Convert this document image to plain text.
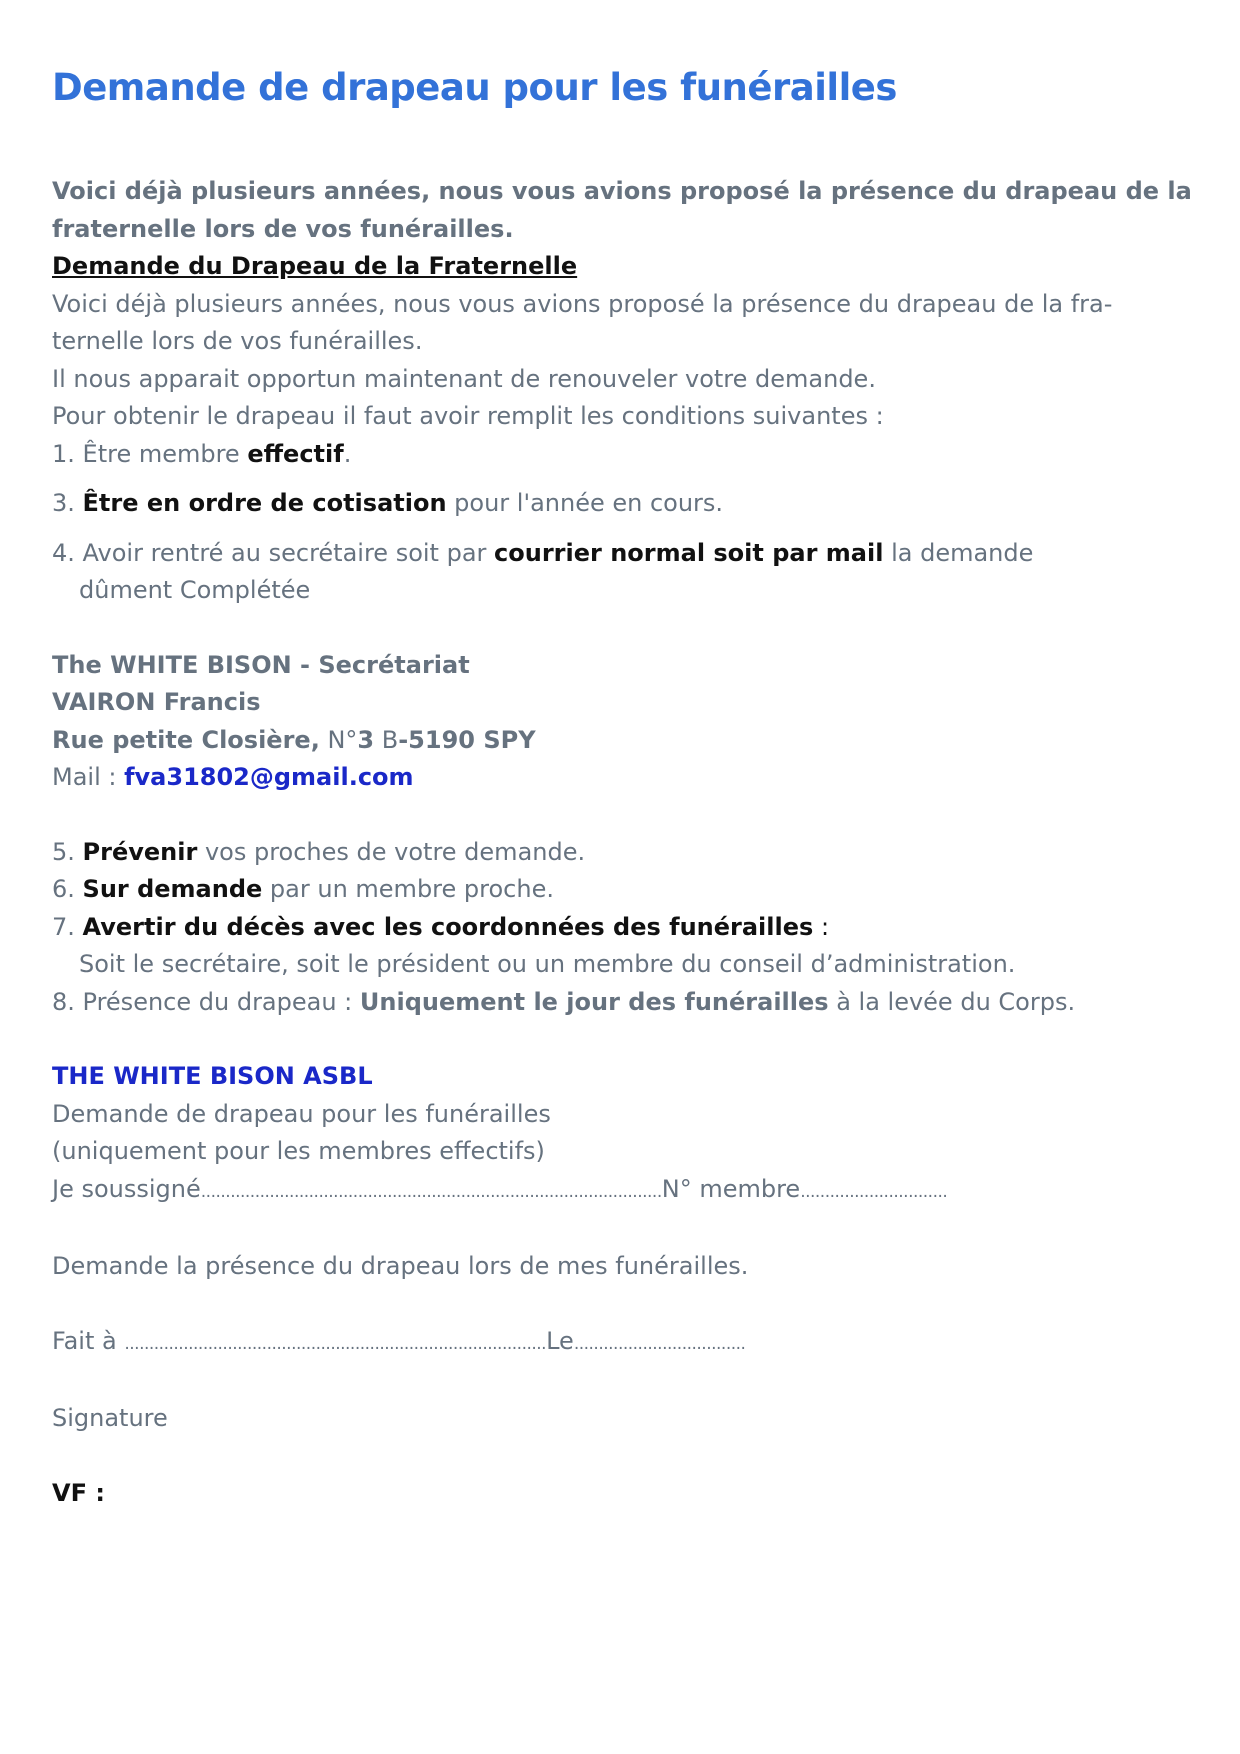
Demande de drapeau pour les funérailles

Voici déjà plusieurs années, nous vous avions proposé la présence du drapeau de la

fraternelle lors de vos funérailles.

Demande du Drapeau de la Fraternelle

Voici déjà plusieurs années, nous vous avions proposé la présence du drapeau de la fra-

ternelle lors de vos funérailles.

Il nous apparait opportun maintenant de renouveler votre demande.

Pour obtenir le drapeau il faut avoir remplit les conditions suivantes :

1. Être membre effectif.

3. Être en ordre de cotisation pour l'année en cours.

4. Avoir rentré au secrétaire soit par courrier normal soit par mail la demande

dûment Complétée

The WHITE BISON - Secrétariat

VAIRON Francis

Rue petite Closière, N°3 B-5190 SPY

Mail : fva31802@gmail.com

5. Prévenir vos proches de votre demande.

6. Sur demande par un membre proche.

7. Avertir du décès avec les coordonnées des funérailles :

Soit le secrétaire, soit le président ou un membre du conseil d’administration.

8. Présence du drapeau : Uniquement le jour des funérailles à la levée du Corps.

THE WHITE BISON ASBL

Demande de drapeau pour les funérailles

(uniquement pour les membres effectifs)

Je soussigné..............................................................................................N° membre..............................

Demande la présence du drapeau lors de mes funérailles.

Fait à ......................................................................................Le...................................

Signature

VF :
